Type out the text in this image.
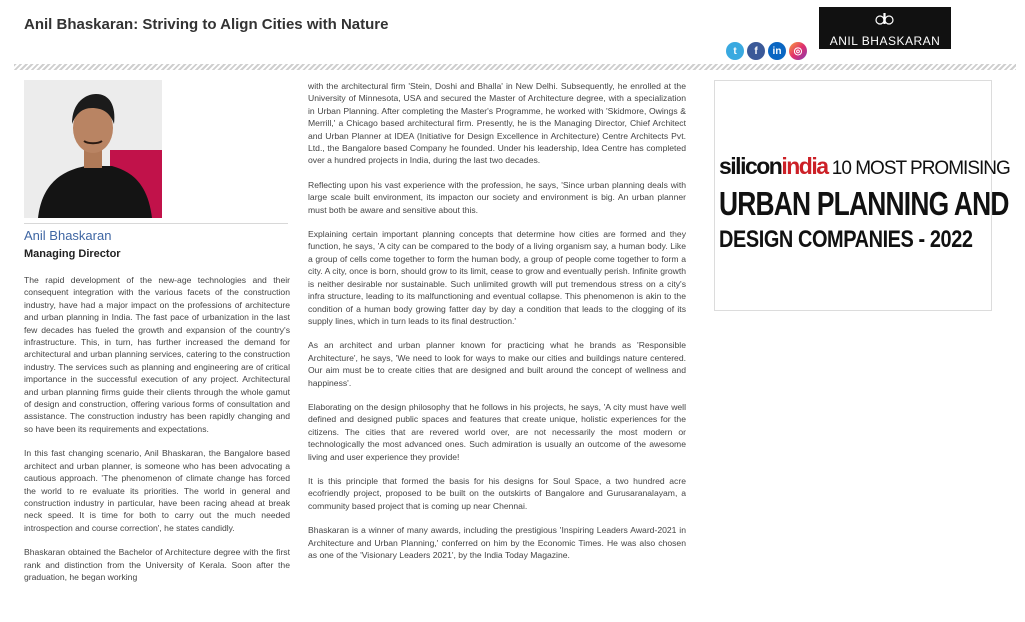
Anil Bhaskaran: Striving to Align Cities with Nature
ANIL BHASKARAN
t	f	in	◎
Anil Bhaskaran
Managing Director

The rapid development of the new-age technologies and their consequent integration with the various facets of the construction industry, have had a major impact on the professions of architecture and urban planning in India. The fast pace of urbanization in the last few decades has fueled the growth and expansion of the country's infrastructure. This, in turn, has further increased the demand for architectural and urban planning services, catering to the construction industry. The services such as planning and engineering are of critical importance in the successful execution of any project. Architectural and urban planning firms guide their clients through the whole gamut of design and construction, offering various forms of consultation and assistance. The construction industry has been rapidly changing and so have been its requirements and expectations.

In this fast changing scenario, Anil Bhaskaran, the Bangalore based architect and urban planner, is someone who has been advocating a cautious approach. 'The phenomenon of climate change has forced the world to re evaluate its priorities. The world in general and construction industry in particular, have been racing ahead at break neck speed. It is time for both to carry out the much needed introspection and course correction', he states candidly.

Bhaskaran obtained the Bachelor of Architecture degree with the first rank and distinction from the University of Kerala. Soon after the graduation, he began working

with the architectural firm 'Stein, Doshi and Bhalla' in New Delhi. Subsequently, he enrolled at the University of Minnesota, USA and secured the Master of Architecture degree, with a specialization in Urban Planning. After completing the Master's Programme, he worked with 'Skidmore, Owings & Merrill,' a Chicago based architectural firm. Presently, he is the Managing Director, Chief Architect and Urban Planner at IDEA (Initiative for Design Excellence in Architecture) Centre Architects Pvt. Ltd., the Bangalore based Company he founded. Under his leadership, Idea Centre has completed over a hundred projects in India, during the last two decades.

Reflecting upon his vast experience with the profession, he says, 'Since urban planning deals with large scale built environment, its impacton our society and environment is big. An urban planner must both be aware and sensitive about this.

Explaining certain important planning concepts that determine how cities are formed and they function, he says, 'A city can be compared to the body of a living organism say, a human body. Like a group of cells come together to form the human body, a group of people come together to form a city. A city, once is born, should grow to its limit, cease to grow and eventually perish. Infinite growth is neither desirable nor sustainable. Such unlimited growth will put tremendous stress on a city's infra structure, leading to its malfunctioning and eventual collapse. This phenomenon is akin to the condition of a human body growing fatter day by day a condition that leads to the clogging of its supply lines, which in turn leads to its final destruction.'

As an architect and urban planner known for practicing what he brands as 'Responsible Architecture', he says, 'We need to look for ways to make our cities and buildings nature centered. Our aim must be to create cities that are designed and built around the concept of wellness and happiness'.

Elaborating on the design philosophy that he follows in his projects, he says, 'A city must have well defined and designed public spaces and features that create unique, holistic experiences for the citizens. The cities that are revered world over, are not necessarily the most modern or technologically the most advanced ones. Such admiration is usually an outcome of the awesome living and user experience they provide!

It is this principle that formed the basis for his designs for Soul Space, a two hundred acre ecofriendly project, proposed to be built on the outskirts of Bangalore and Gurusaranalayam, a community based project that is coming up near Chennai.

Bhaskaran is a winner of many awards, including the prestigious 'Inspiring Leaders Award-2021 in Architecture and Urban Planning,' conferred on him by the Economic Times. He was also chosen as one of the 'Visionary Leaders 2021', by the India Today Magazine.

siliconindia 10 MOST PROMISING
URBAN PLANNING AND
DESIGN COMPANIES - 2022
